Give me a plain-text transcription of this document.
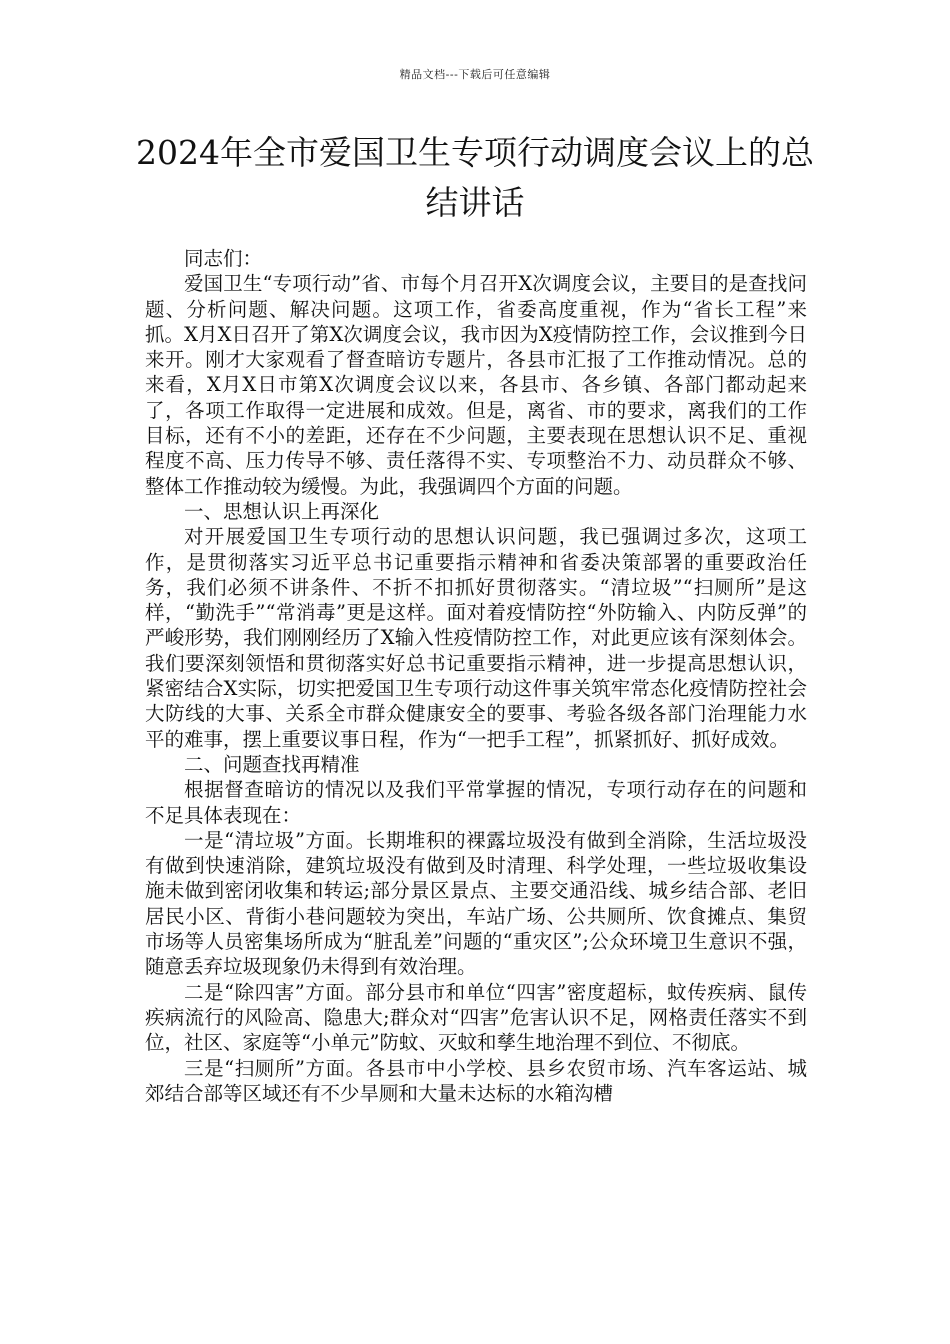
精品文档---下载后可任意编辑
2024年全市爱国卫生专项行动调度会议上的总结讲话

同志们：

爱国卫生“专项行动”省、市每个月召开X次调度会议，主要目的是查找问题、分析问题、解决问题。这项工作，省委高度重视，作为“省长工程”来抓。X月X日召开了第X次调度会议，我市因为X疫情防控工作，会议推到今日来开。刚才大家观看了督查暗访专题片，各县市汇报了工作推动情况。总的来看，X月X日市第X次调度会议以来，各县市、各乡镇、各部门都动起来了，各项工作取得一定进展和成效。但是，离省、市的要求，离我们的工作目标，还有不小的差距，还存在不少问题，主要表现在思想认识不足、重视程度不高、压力传导不够、责任落得不实、专项整治不力、动员群众不够、整体工作推动较为缓慢。为此，我强调四个方面的问题。

一、思想认识上再深化

对开展爱国卫生专项行动的思想认识问题，我已强调过多次，这项工作，是贯彻落实习近平总书记重要指示精神和省委决策部署的重要政治任务，我们必须不讲条件、不折不扣抓好贯彻落实。“清垃圾”“扫厕所”是这样，“勤洗手”“常消毒”更是这样。面对着疫情防控“外防输入、内防反弹”的严峻形势，我们刚刚经历了X输入性疫情防控工作，对此更应该有深刻体会。我们要深刻领悟和贯彻落实好总书记重要指示精神，进一步提高思想认识，紧密结合X实际，切实把爱国卫生专项行动这件事关筑牢常态化疫情防控社会大防线的大事、关系全市群众健康安全的要事、考验各级各部门治理能力水平的难事，摆上重要议事日程，作为“一把手工程”，抓紧抓好、抓好成效。

二、问题查找再精准

根据督查暗访的情况以及我们平常掌握的情况，专项行动存在的问题和不足具体表现在：

一是“清垃圾”方面。长期堆积的裸露垃圾没有做到全消除，生活垃圾没有做到快速消除，建筑垃圾没有做到及时清理、科学处理，一些垃圾收集设施未做到密闭收集和转运;部分景区景点、主要交通沿线、城乡结合部、老旧居民小区、背街小巷问题较为突出，车站广场、公共厕所、饮食摊点、集贸市场等人员密集场所成为“脏乱差”问题的“重灾区”;公众环境卫生意识不强，随意丢弃垃圾现象仍未得到有效治理。

二是“除四害”方面。部分县市和单位“四害”密度超标，蚊传疾病、鼠传疾病流行的风险高、隐患大;群众对“四害”危害认识不足，网格责任落实不到位，社区、家庭等“小单元”防蚊、灭蚊和孳生地治理不到位、不彻底。

三是“扫厕所”方面。各县市中小学校、县乡农贸市场、汽车客运站、城郊结合部等区域还有不少旱厕和大量未达标的水箱沟槽
